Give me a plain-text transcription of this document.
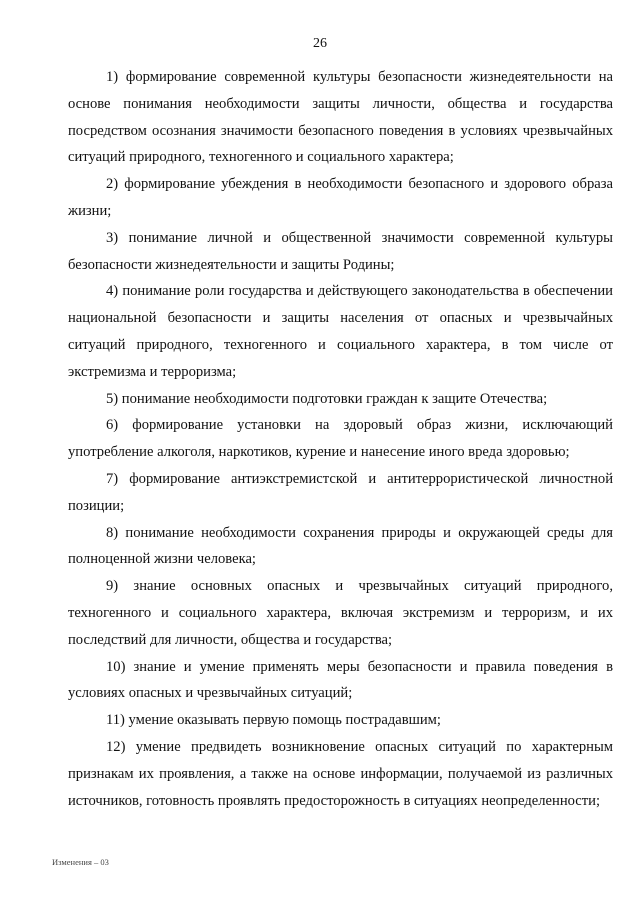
26

1) формирование современной культуры безопасности жизнедеятельности на основе понимания необходимости защиты личности, общества и государства посредством осознания значимости безопасного поведения в условиях чрезвычайных ситуаций природного, техногенного и социального характера;

2) формирование убеждения в необходимости безопасного и здорового образа жизни;

3) понимание личной и общественной значимости современной культуры безопасности жизнедеятельности и защиты Родины;

4) понимание роли государства и действующего законодательства в обеспечении национальной безопасности и защиты населения от опасных и чрезвычайных ситуаций природного, техногенного и социального характера, в том числе от экстремизма и терроризма;

5) понимание необходимости подготовки граждан к защите Отечества;

6) формирование установки на здоровый образ жизни, исключающий употребление алкоголя, наркотиков, курение и нанесение иного вреда здоровью;

7) формирование антиэкстремистской и антитеррористической личностной позиции;

8) понимание необходимости сохранения природы и окружающей среды для полноценной жизни человека;

9) знание основных опасных и чрезвычайных ситуаций природного, техногенного и социального характера, включая экстремизм и терроризм, и их последствий для личности, общества и государства;

10) знание и умение применять меры безопасности и правила поведения в условиях опасных и чрезвычайных ситуаций;

11) умение оказывать первую помощь пострадавшим;

12) умение предвидеть возникновение опасных ситуаций по характерным признакам их проявления, а также на основе информации, получаемой из различных источников, готовность проявлять предосторожность в ситуациях неопределенности;

Изменения – 03
